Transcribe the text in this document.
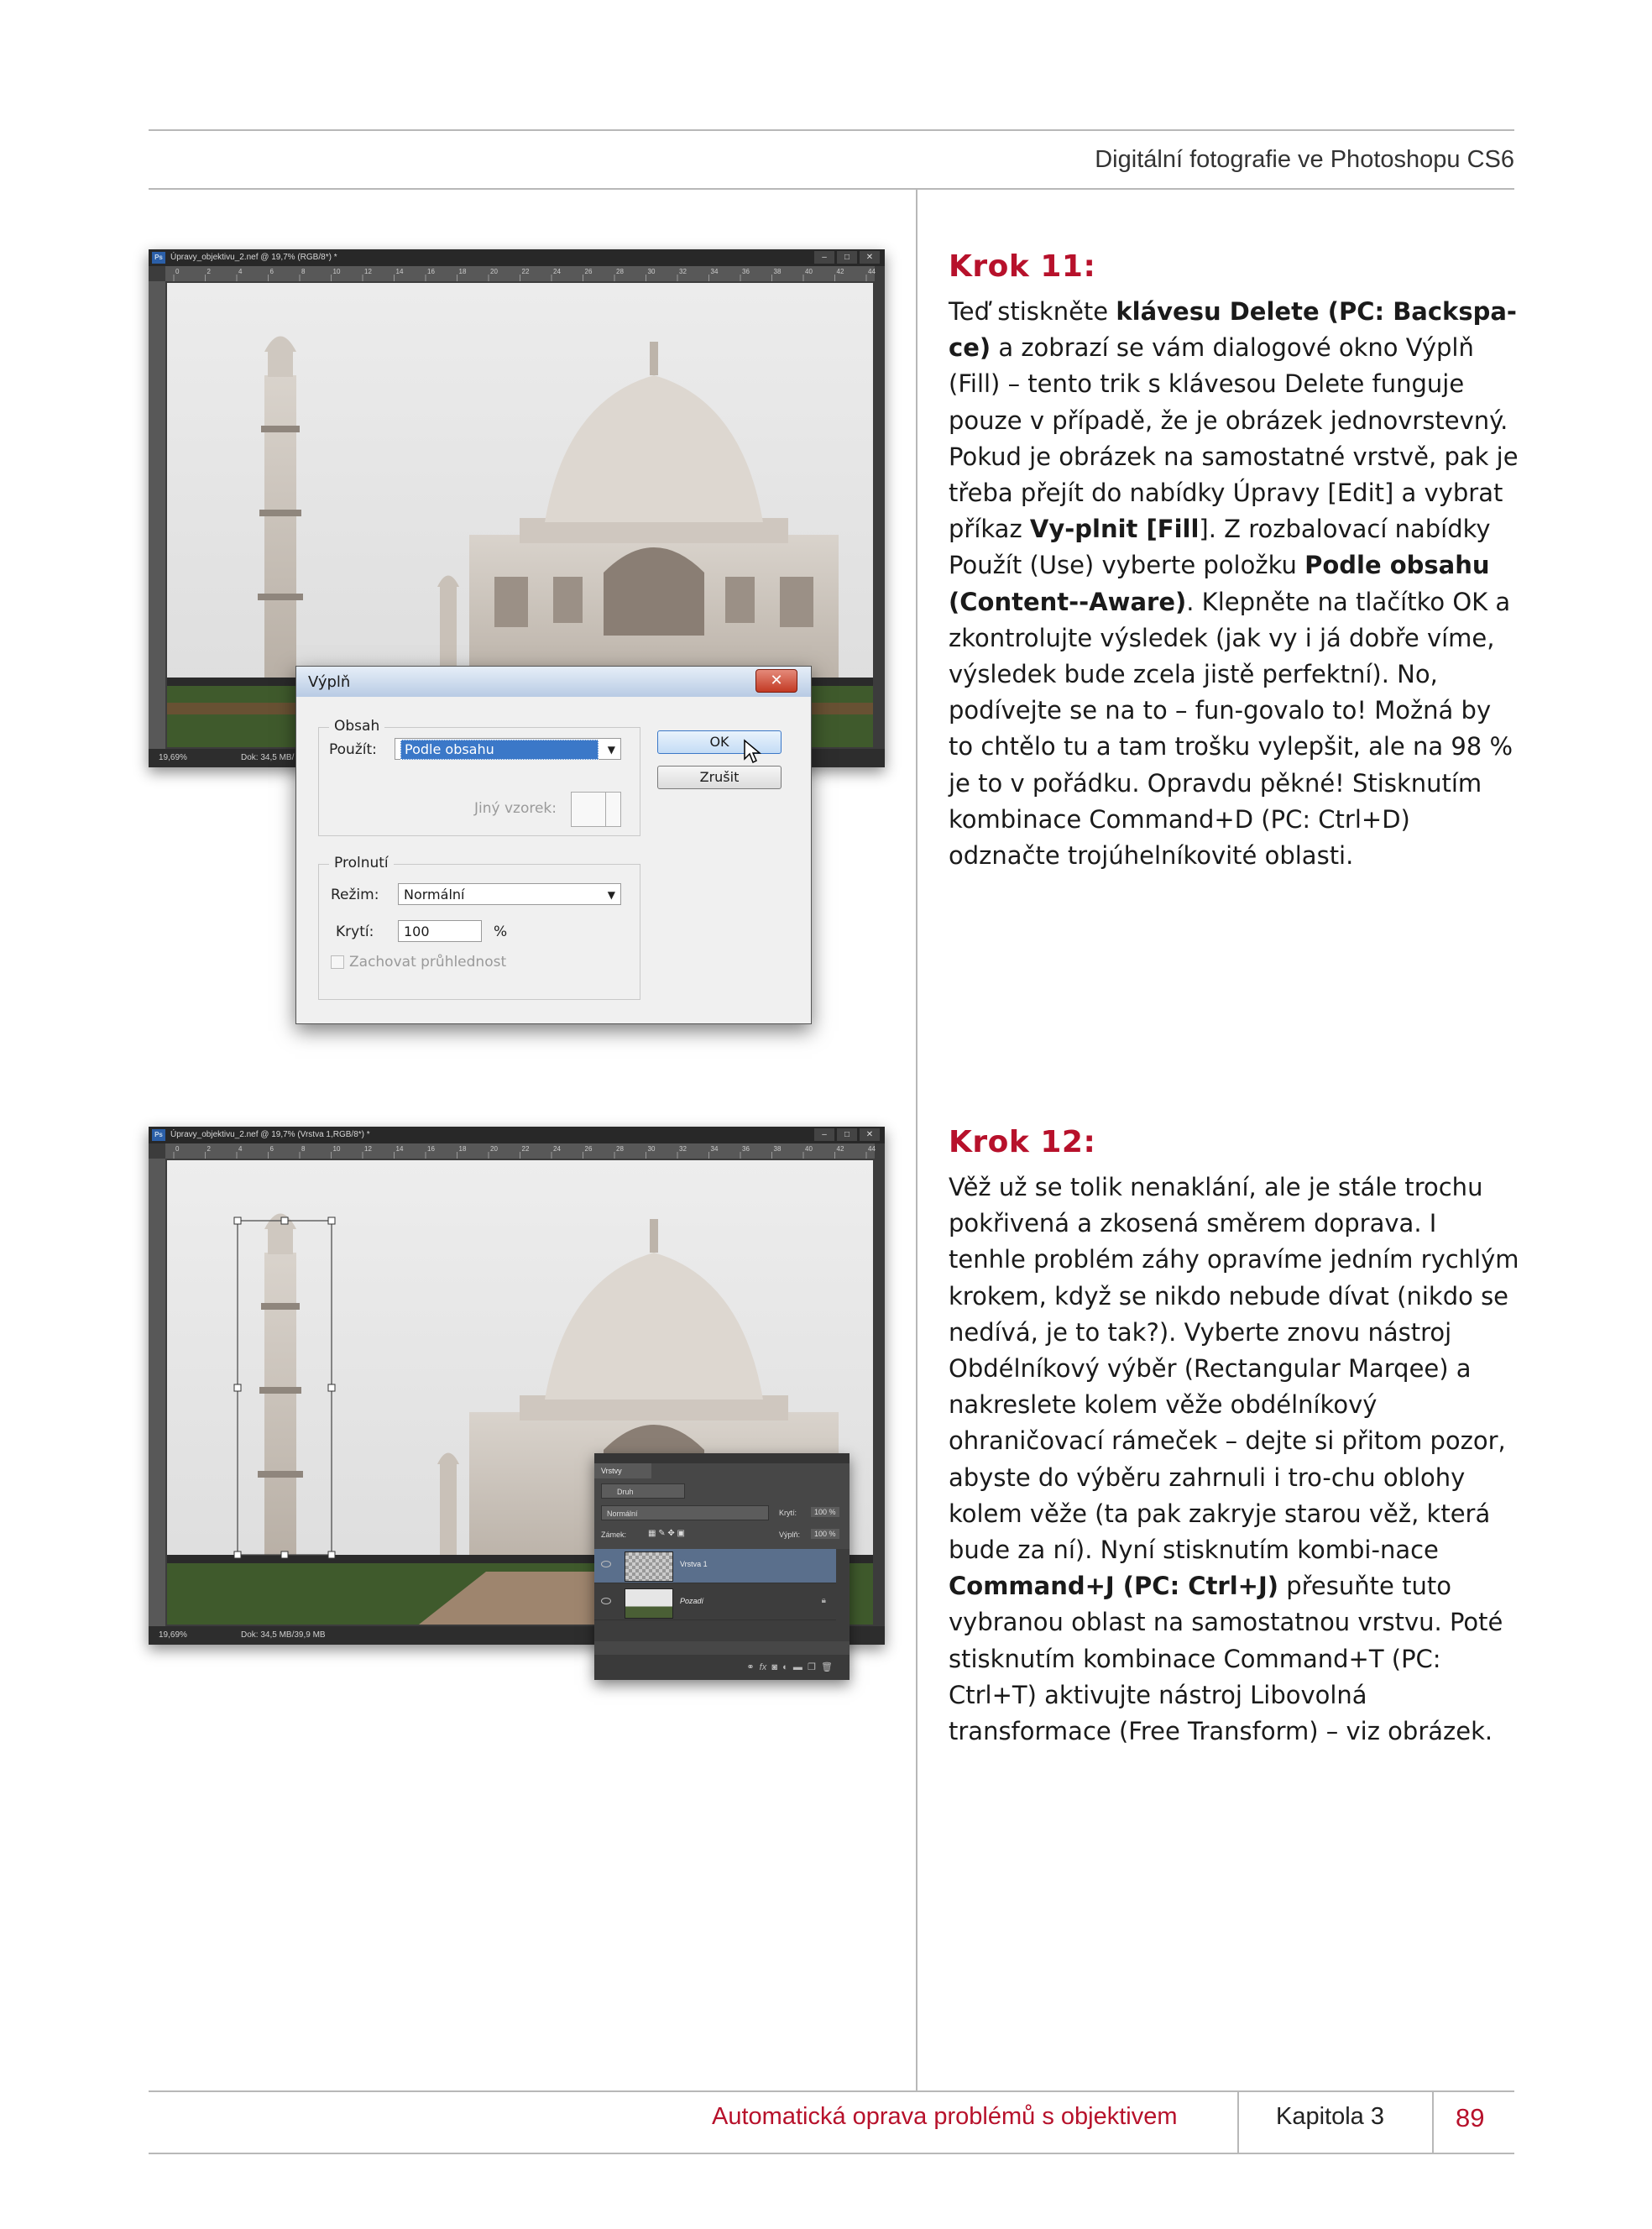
Digitální fotografie ve Photoshopu CS6
Ps Úpravy_objektivu_2.nef @ 19,7% (RGB/8*) *	–	□	✕
0	2	4	6	8	10	12	14	16	18	20	22	24	26	28	30	32	34	36	38	40	42	44
19,69%	Dok: 34,5 MB/
Výplň	✕
Obsah
Použít:	Podle obsahu	▼
Jiný vzorek:
OK
Zrušit
Prolnutí
Režim:	Normální	▼
Krytí:	100	%
Zachovat průhlednost
Krok 11:

Teď stiskněte klávesu Delete (PC: Backspa-ce) a zobrazí se vám dialogové okno Výplň (Fill) – tento trik s klávesou Delete funguje pouze v případě, že je obrázek jednovrstevný. Pokud je obrázek na samostatné vrstvě, pak je třeba přejít do nabídky Úpravy [Edit] a vybrat příkaz Vy-plnit [Fill]. Z rozbalovací nabídky Použít (Use) vyberte položku Podle obsahu (Content--Aware). Klepněte na tlačítko OK a zkontrolujte výsledek (jak vy i já dobře víme, výsledek bude zcela jistě perfektní). No, podívejte se na to – fun-govalo to! Možná by to chtělo tu a tam trošku vylepšit, ale na 98 % je to v pořádku. Opravdu pěkné! Stisknutím kombinace Command+D (PC: Ctrl+D) odznačte trojúhelníkovité oblasti.

Ps Úpravy_objektivu_2.nef @ 19,7% (Vrstva 1,RGB/8*) *	–	□	✕
0	2	4	6	8	10	12	14	16	18	20	22	24	26	28	30	32	34	36	38	40	42	44
19,69%	Dok: 34,5 MB/39,9 MB
Vrstvy
Druh
Normální	Krytí:	100 %
Zámek:	▦ ✎ ✥ ▣	Výplň:	100 %
Vrstva 1
Pozadí	🔒︎
⚭ fx ◙ ◐ ▬ ❐ 🗑︎
Krok 12:

Věž už se tolik nenaklání, ale je stále trochu pokřivená a zkosená směrem doprava. I tenhle problém záhy opravíme jedním rychlým krokem, když se nikdo nebude dívat (nikdo se nedívá, je to tak?). Vyberte znovu nástroj Obdélníkový výběr (Rectangular Marqee) a nakreslete kolem věže obdélníkový ohraničovací rámeček – dejte si přitom pozor, abyste do výběru zahrnuli i tro-chu oblohy kolem věže (ta pak zakryje starou věž, která bude za ní). Nyní stisknutím kombi-nace Command+J (PC: Ctrl+J) přesuňte tuto vybranou oblast na samostatnou vrstvu. Poté stisknutím kombinace Command+T (PC: Ctrl+T) aktivujte nástroj Libovolná transformace (Free Transform) – viz obrázek.

Automatická oprava problémů s objektivem	Kapitola 3	89
